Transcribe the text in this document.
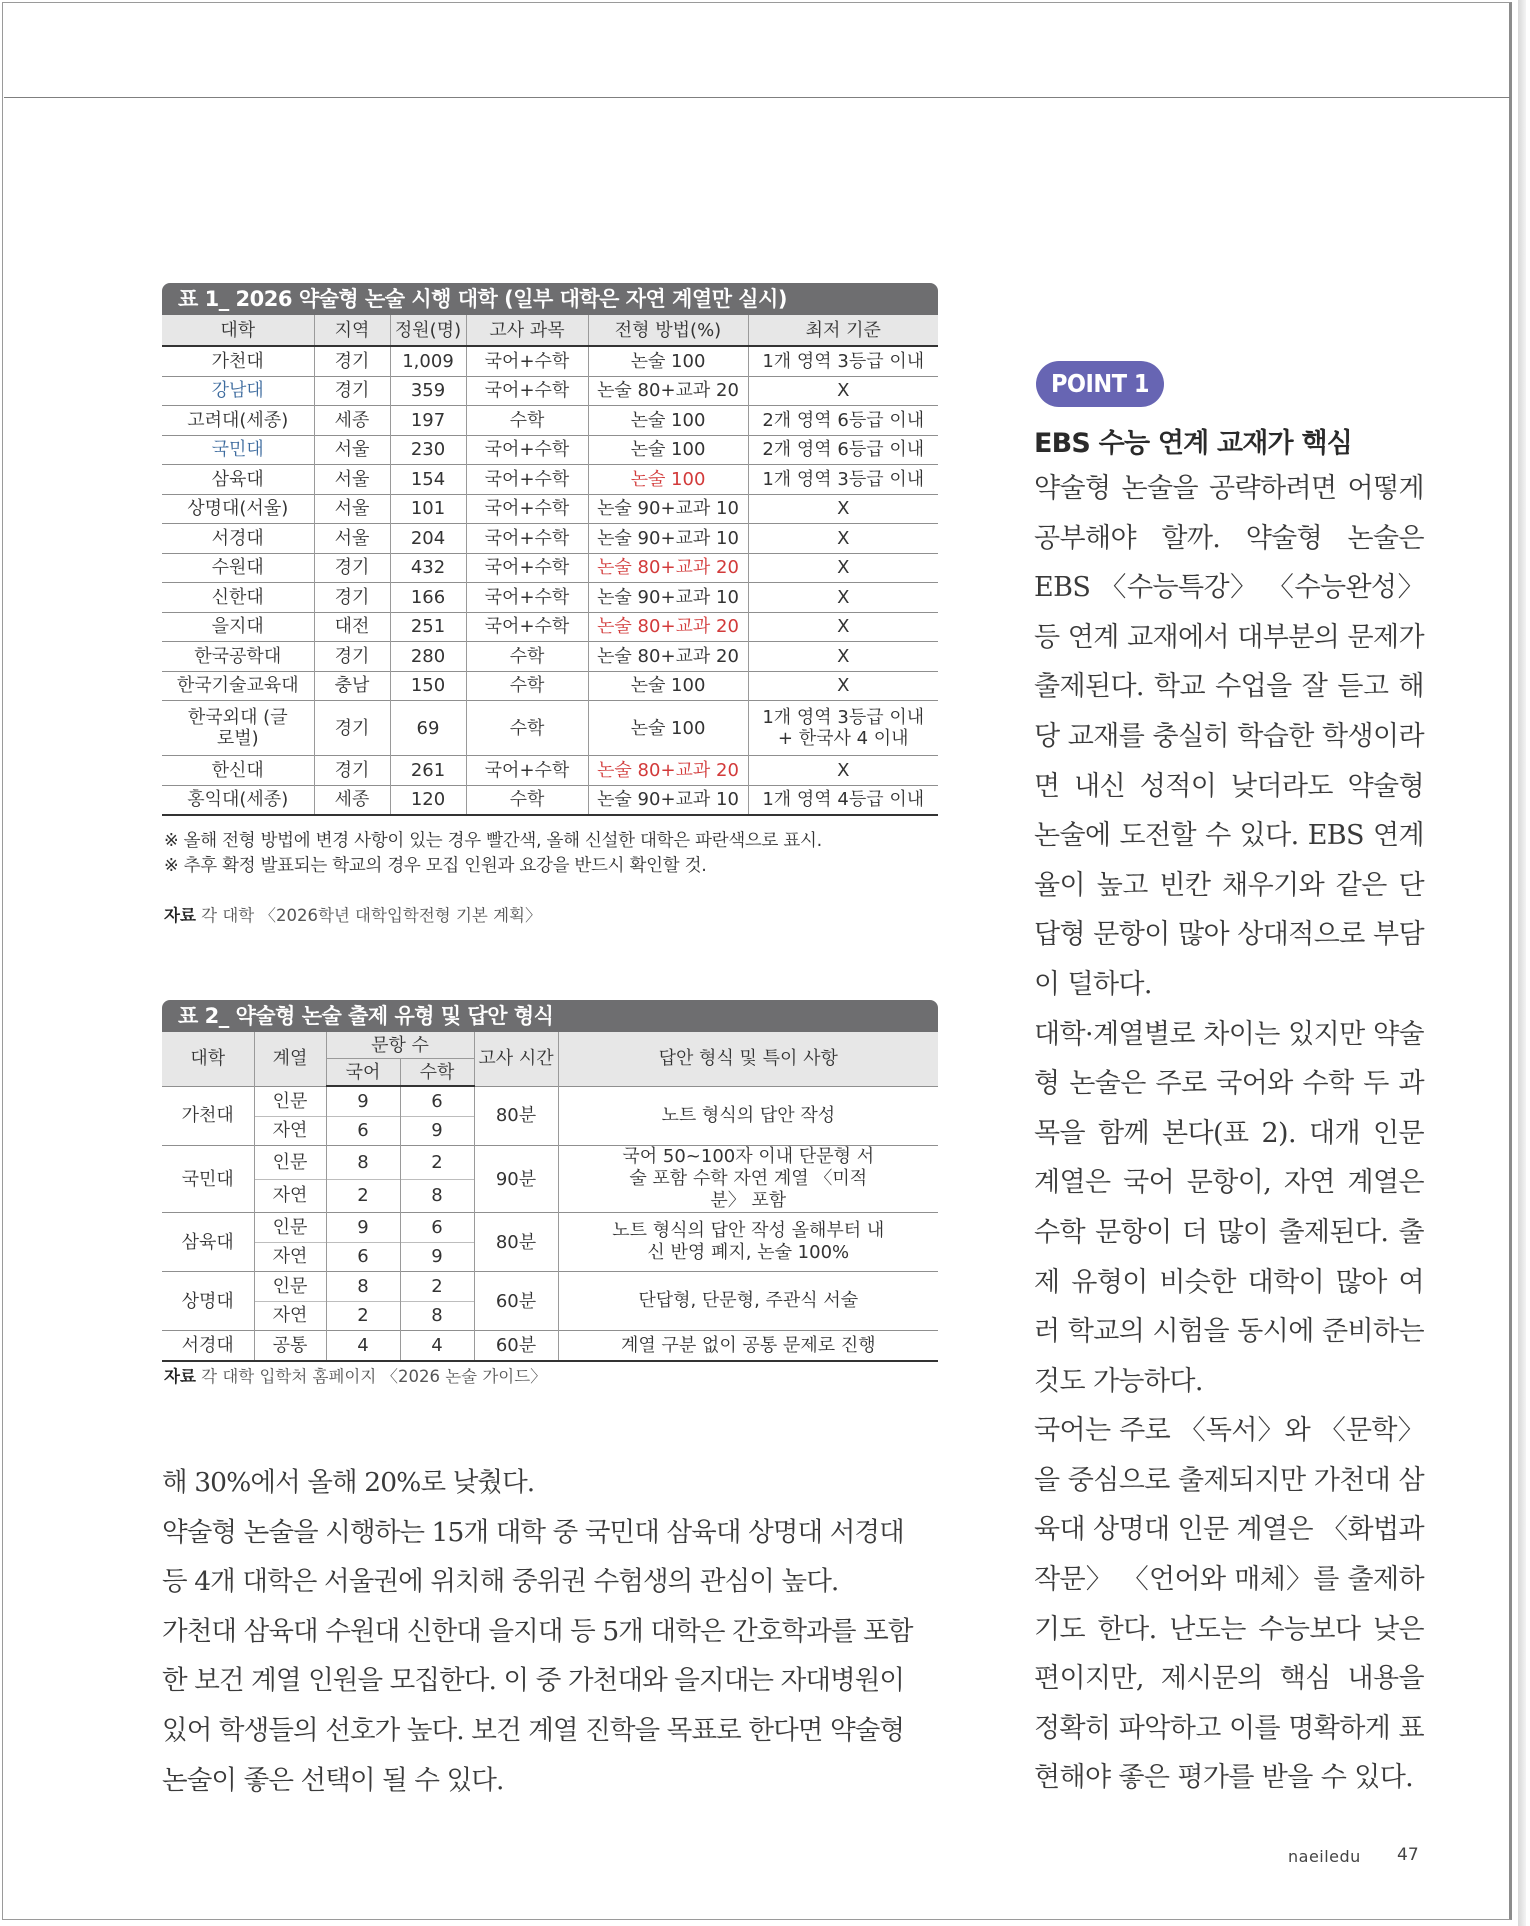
표 1_ 2026 약술형 논술 시행 대학 (일부 대학은 자연 계열만 실시)
대학	지역	정원(명)	고사 과목	전형 방법(%)	최저 기준
가천대	경기	1,009	국어+수학	논술 100	1개 영역 3등급 이내
강남대	경기	359	국어+수학	논술 80+교과 20	X
고려대(세종)	세종	197	수학	논술 100	2개 영역 6등급 이내
국민대	서울	230	국어+수학	논술 100	2개 영역 6등급 이내
삼육대	서울	154	국어+수학	논술 100	1개 영역 3등급 이내
상명대(서울)	서울	101	국어+수학	논술 90+교과 10	X
서경대	서울	204	국어+수학	논술 90+교과 10	X
수원대	경기	432	국어+수학	논술 80+교과 20	X
신한대	경기	166	국어+수학	논술 90+교과 10	X
을지대	대전	251	국어+수학	논술 80+교과 20	X
한국공학대	경기	280	수학	논술 80+교과 20	X
한국기술교육대	충남	150	수학	논술 100	X
한국외대 (글로벌)	경기	69	수학	논술 100	1개 영역 3등급 이내 + 한국사 4 이내
한신대	경기	261	국어+수학	논술 80+교과 20	X
홍익대(세종)	세종	120	수학	논술 90+교과 10	1개 영역 4등급 이내
※ 올해 전형 방법에 변경 사항이 있는 경우 빨간색, 올해 신설한 대학은 파란색으로 표시.
※ 추후 확정 발표되는 학교의 경우 모집 인원과 요강을 반드시 확인할 것.
자료 각 대학 〈2026학년 대학입학전형 기본 계획〉
표 2_ 약술형 논술 출제 유형 및 답안 형식
대학	계열	문항 수		고사 시간	답안 형식 및 특이 사항
		국어	수학		
가천대	인문	9	6	80분	노트 형식의 답안 작성
	자연	6	9		
국민대	인문	8	2	90분	국어 50~100자 이내 단문형 서술 포함 수학 자연 계열 〈미적분〉 포함
	자연	2	8		
삼육대	인문	9	6	80분	노트 형식의 답안 작성 올해부터 내신 반영 폐지, 논술 100%
	자연	6	9		
상명대	인문	8	2	60분	단답형, 단문형, 주관식 서술
	자연	2	8		
서경대	공통	4	4	60분	계열 구분 없이 공통 문제로 진행
자료 각 대학 입학처 홈페이지 〈2026 논술 가이드〉

해 30%에서 올해 20%로 낮췄다.

약술형 논술을 시행하는 15개 대학 중 국민대 삼육대 상명대 서경대

등 4개 대학은 서울권에 위치해 중위권 수험생의 관심이 높다.

가천대 삼육대 수원대 신한대 을지대 등 5개 대학은 간호학과를 포함

한 보건 계열 인원을 모집한다. 이 중 가천대와 을지대는 자대병원이

있어 학생들의 선호가 높다. 보건 계열 진학을 목표로 한다면 약술형

논술이 좋은 선택이 될 수 있다.

POINT 1
EBS 수능 연계 교재가 핵심

약술형 논술을 공략하려면 어떻게 공부해야 할까. 약술형 논술은 EBS 〈수능특강〉 〈수능완성〉 등 연계 교재에서 대부분의 문제가 출제된다. 학교 수업을 잘 듣고 해당 교재를 충실히 학습한 학생이라면 내신 성적이 낮더라도 약술형 논술에 도전할 수 있다. EBS 연계율이 높고 빈칸 채우기와 같은 단답형 문항이 많아 상대적으로 부담이 덜하다.

대학·계열별로 차이는 있지만 약술형 논술은 주로 국어와 수학 두 과목을 함께 본다(표 2). 대개 인문 계열은 국어 문항이, 자연 계열은 수학 문항이 더 많이 출제된다. 출제 유형이 비슷한 대학이 많아 여러 학교의 시험을 동시에 준비하는 것도 가능하다.

국어는 주로 〈독서〉와 〈문학〉을 중심으로 출제되지만 가천대 삼육대 상명대 인문 계열은 〈화법과 작문〉 〈언어와 매체〉를 출제하기도 한다. 난도는 수능보다 낮은 편이지만, 제시문의 핵심 내용을 정확히 파악하고 이를 명확하게 표현해야 좋은 평가를 받을 수 있다.

naeiledu 47
